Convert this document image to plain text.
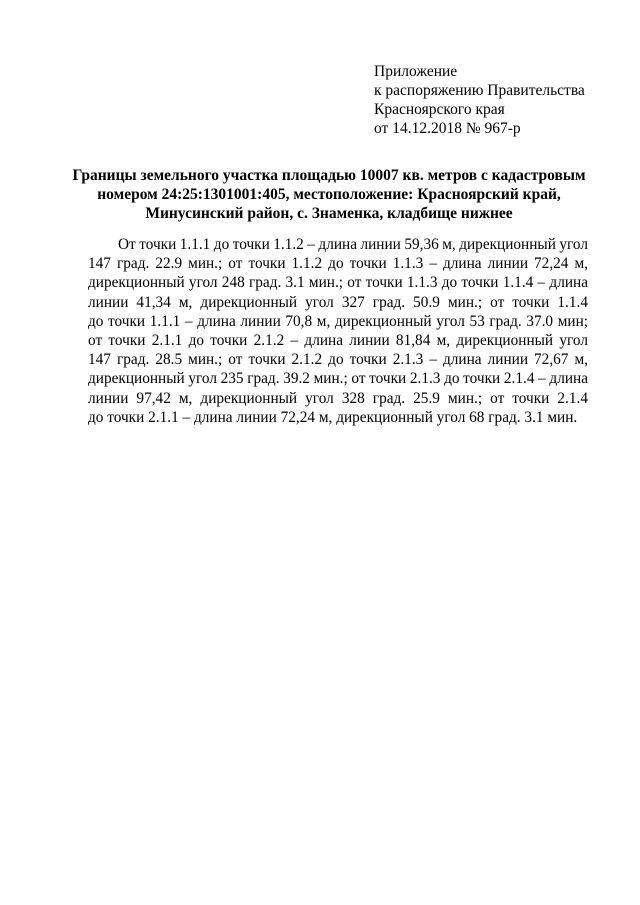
Приложение
к распоряжению Правительства
Красноярского края
от 14.12.2018 № 967-р
Границы земельного участка площадью 10007 кв. метров с кадастровым
номером 24:25:1301001:405, местоположение: Красноярский край,
Минусинский район, с. Знаменка, кладбище нижнее
От точки 1.1.1 до точки 1.1.2 – длина линии 59,36 м, дирекционный угол
147 град. 22.9 мин.; от точки 1.1.2 до точки 1.1.3 – длина линии 72,24 м,
дирекционный угол 248 град. 3.1 мин.; от точки 1.1.3 до точки 1.1.4 – длина
линии 41,34 м, дирекционный угол 327 град. 50.9 мин.; от точки 1.1.4
до точки 1.1.1 – длина линии 70,8 м, дирекционный угол 53 град. 37.0 мин;
от точки 2.1.1 до точки 2.1.2 – длина линии 81,84 м, дирекционный угол
147 град. 28.5 мин.; от точки 2.1.2 до точки 2.1.3 – длина линии 72,67 м,
дирекционный угол 235 град. 39.2 мин.; от точки 2.1.3 до точки 2.1.4 – длина
линии 97,42 м, дирекционный угол 328 град. 25.9 мин.; от точки 2.1.4
до точки 2.1.1 – длина линии 72,24 м, дирекционный угол 68 град. 3.1 мин.
